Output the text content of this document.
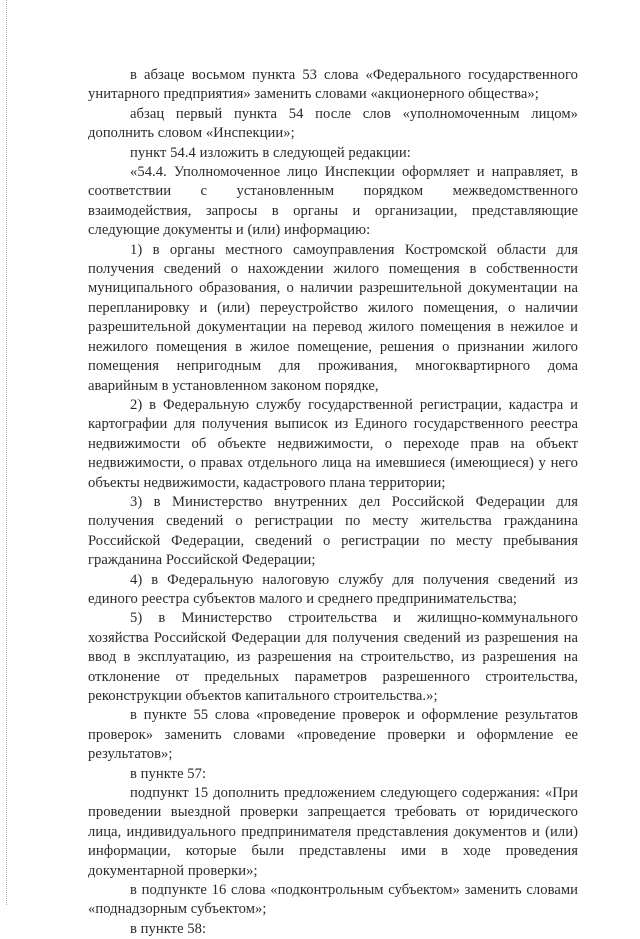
в абзаце восьмом пункта 53 слова «Федерального государственного унитарного предприятия» заменить словами «акционерного общества»;

абзац первый пункта 54 после слов «уполномоченным лицом» дополнить словом «Инспекции»;

пункт 54.4 изложить в следующей редакции:

«54.4. Уполномоченное лицо Инспекции оформляет и направляет, в соответствии с установленным порядком межведомственного взаимодействия, запросы в органы и организации, представляющие следующие документы и (или) информацию:

1) в органы местного самоуправления Костромской области для получения сведений о нахождении жилого помещения в собственности муниципального образования, о наличии разрешительной документации на перепланировку и (или) переустройство жилого помещения, о наличии разрешительной документации на перевод жилого помещения в нежилое и нежилого помещения в жилое помещение, решения о признании жилого помещения непригодным для проживания, многоквартирного дома аварийным в установленном законом порядке,

2) в Федеральную службу государственной регистрации, кадастра и картографии для получения выписок из Единого государственного реестра недвижимости об объекте недвижимости, о переходе прав на объект недвижимости, о правах отдельного лица на имевшиеся (имеющиеся) у него объекты недвижимости, кадастрового плана территории;

3) в Министерство внутренних дел Российской Федерации для получения сведений о регистрации по месту жительства гражданина Российской Федерации, сведений о регистрации по месту пребывания гражданина Российской Федерации;

4) в Федеральную налоговую службу для получения сведений из единого реестра субъектов малого и среднего предпринимательства;

5) в Министерство строительства и жилищно-коммунального хозяйства Российской Федерации для получения сведений из разрешения на ввод в эксплуатацию, из разрешения на строительство, из разрешения на отклонение от предельных параметров разрешенного строительства, реконструкции объектов капитального строительства.»;

в пункте 55 слова «проведение проверок и оформление результатов проверок» заменить словами «проведение проверки и оформление ее результатов»;

в пункте 57:

подпункт 15 дополнить предложением следующего содержания: «При проведении выездной проверки запрещается требовать от юридического лица, индивидуального предпринимателя представления документов и (или) информации, которые были представлены ими в ходе проведения документарной проверки»;

в подпункте 16 слова «подконтрольным субъектом» заменить словами «поднадзорным субъектом»;

в пункте 58:
